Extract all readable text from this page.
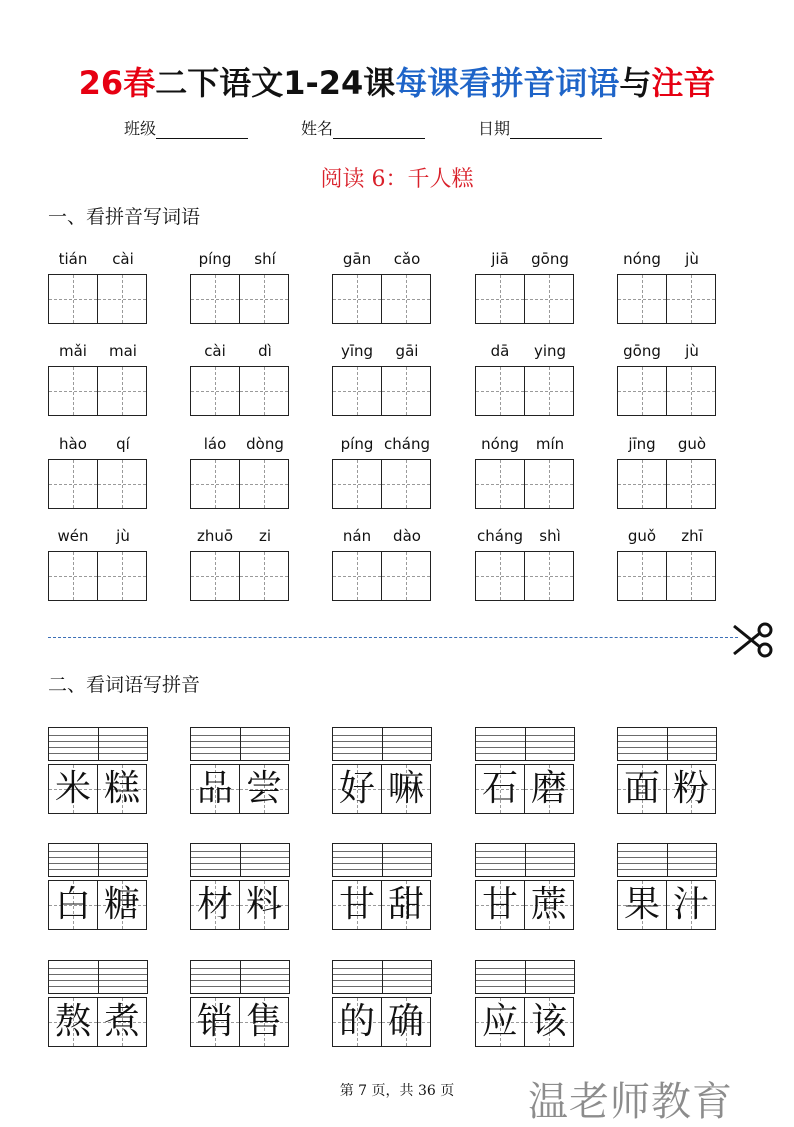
26春二下语文1-24课每课看拼音词语与注音
班级	姓名	日期
阅读 6：千人糕
一、看拼音写词语
tián	cài	píng	shí	gān	cǎo	jiā	gōng	nóng	jù
mǎi	mai	cài	dì	yīng	gāi	dā	ying	gōng	jù
hào	qí	láo	dòng	píng cháng	nóng	mín	jīng	guò
wén	jù	zhuō	zi	nán	dào	cháng	shì	guǒ	zhī
二、看词语写拼音
米 糕 品 尝 好 嘛 石 磨 面 粉
白 糖 材 料 甘 甜 甘 蔗 果 汁
熬 煮 销 售 的 确 应 该
第 7 页，共 36 页	温老师教育
